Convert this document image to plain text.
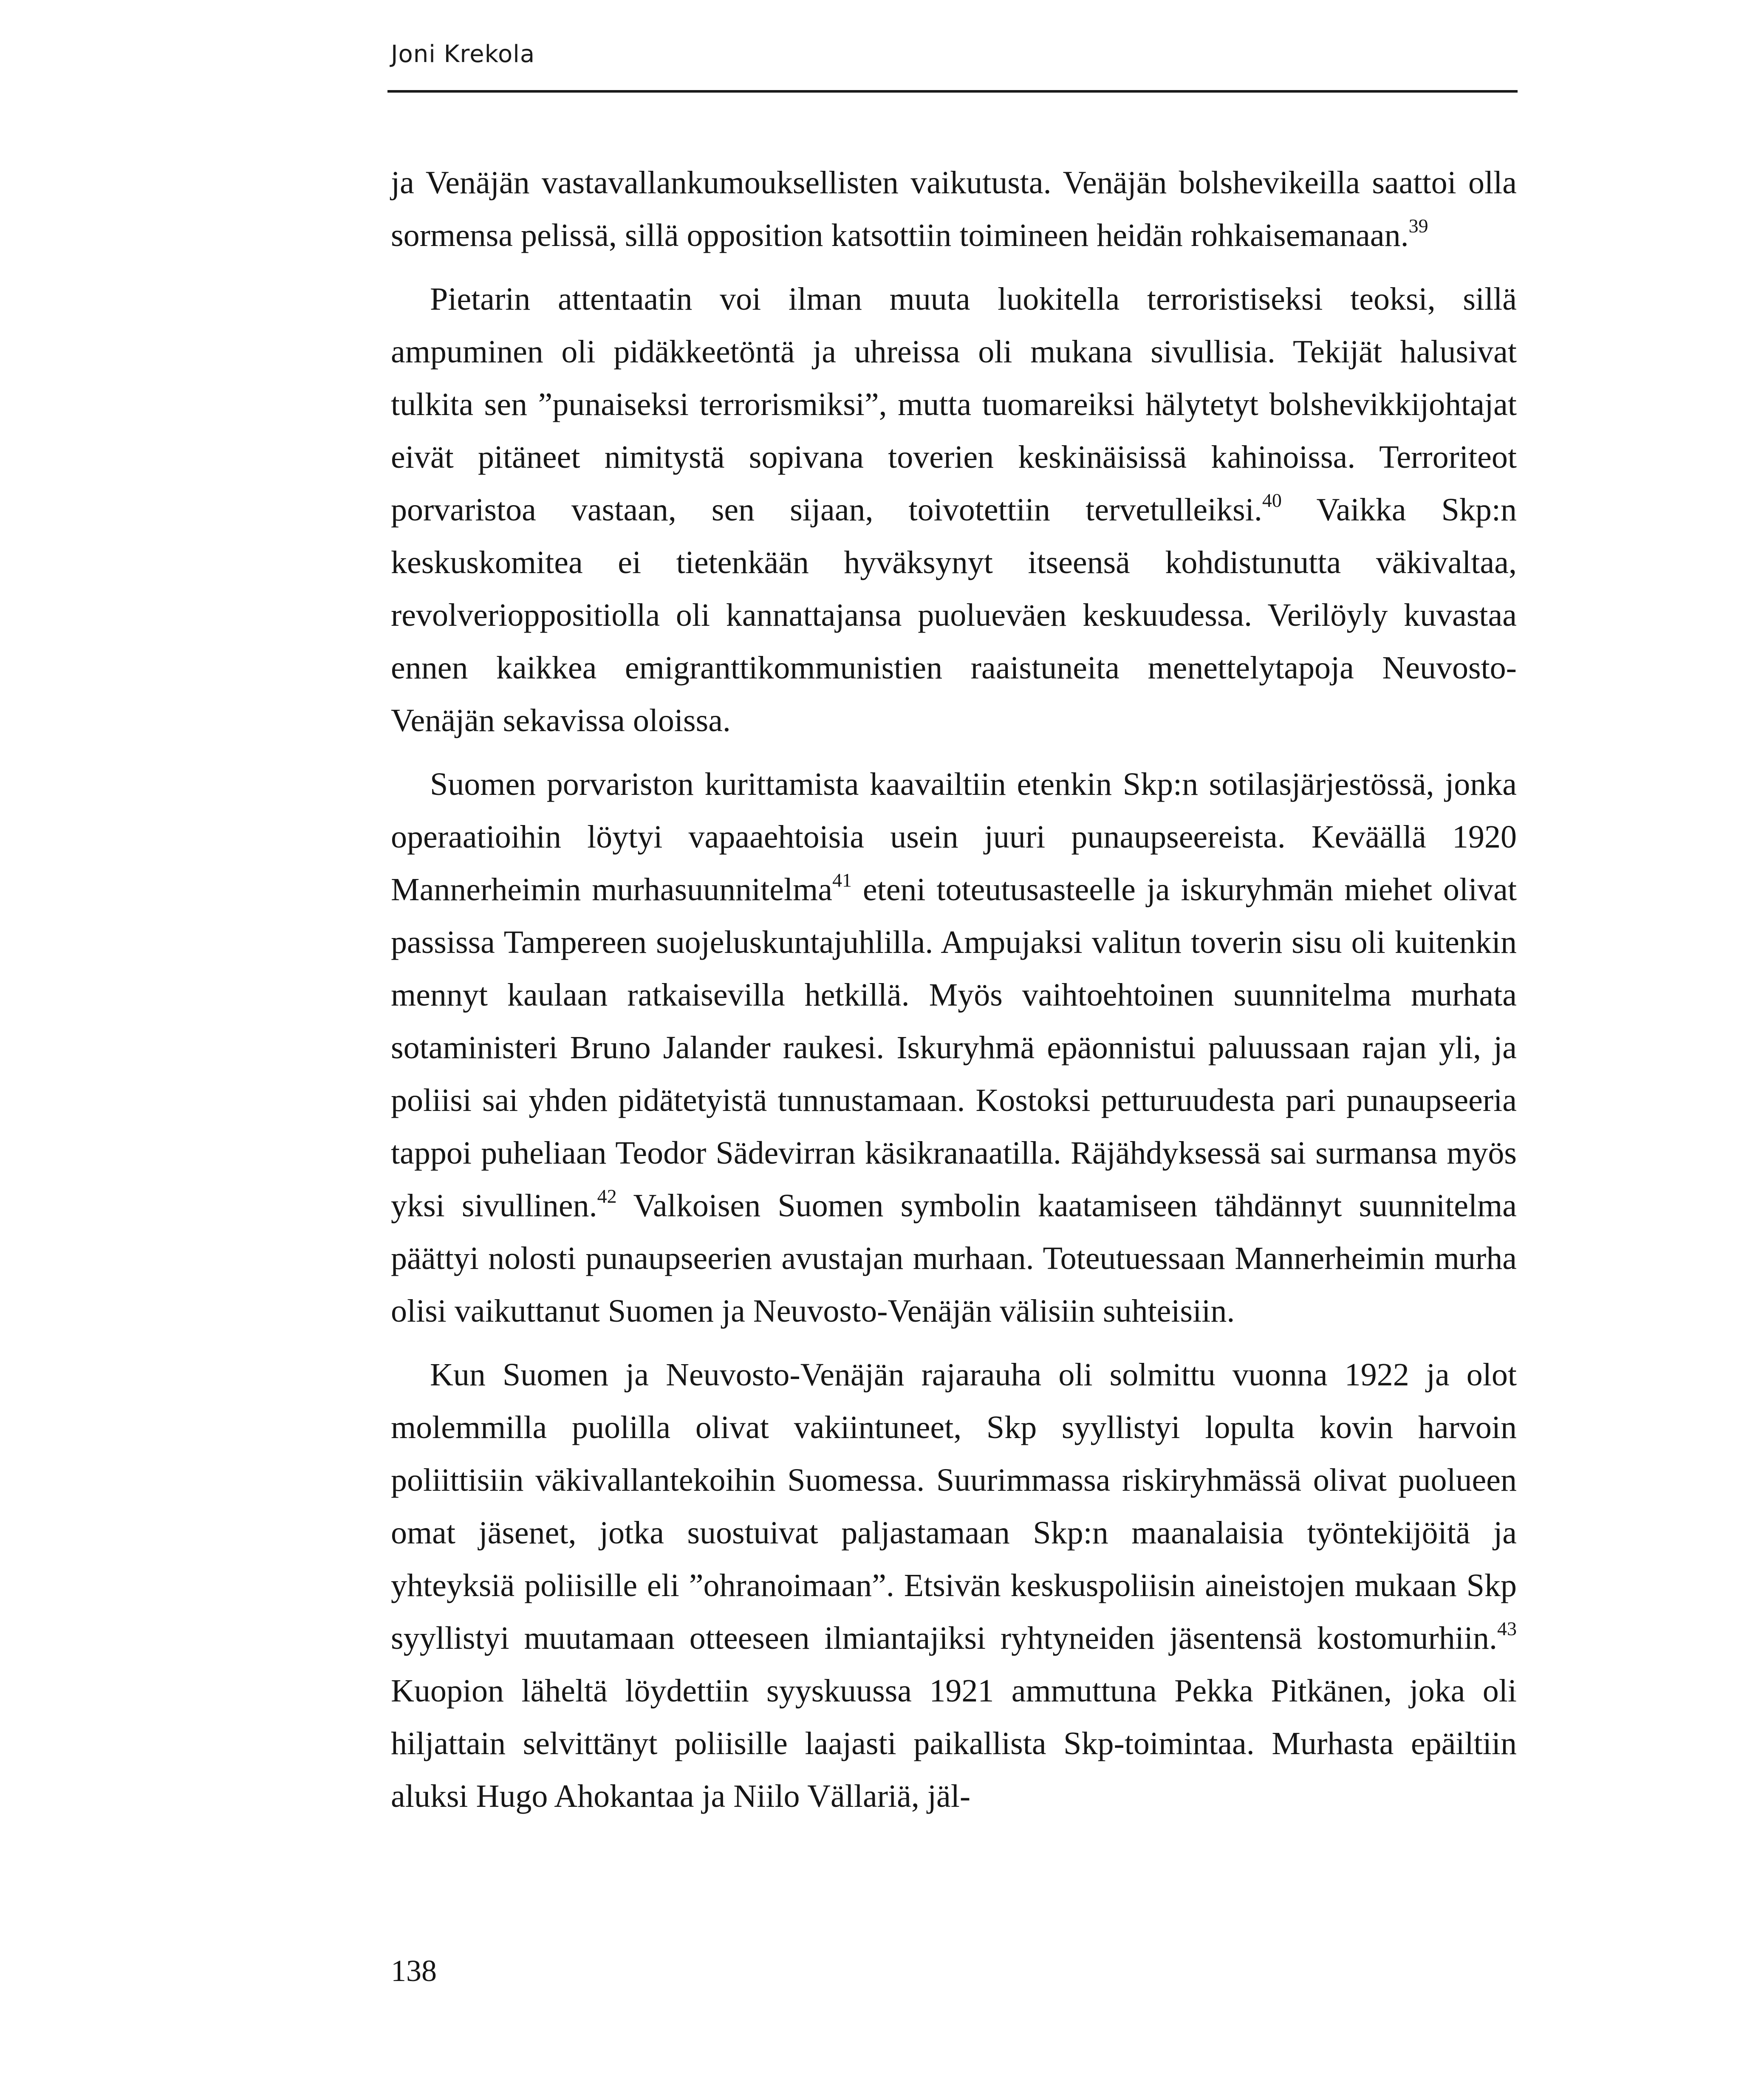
Joni Krekola

ja Venäjän vastavallankumouksellisten vaikutusta. Venäjän bolshevikeilla saattoi olla sormensa pelissä, sillä opposition katsottiin toimineen heidän rohkaisemanaan.$^{39}$

Pietarin attentaatin voi ilman muuta luokitella terroristiseksi teoksi, sillä ampuminen oli pidäkkeetöntä ja uhreissa oli mukana sivullisia. Tekijät halusivat tulkita sen ”punaiseksi terrorismiksi”, mutta tuomareiksi hälytetyt bolshevikkijohtajat eivät pitäneet nimitystä sopivana toverien keskinäisissä kahinoissa. Terroriteot porvaristoa vastaan, sen sijaan, toivotettiin tervetulleiksi.$^{40}$ Vaikka Skp:n keskuskomitea ei tietenkään hyväksynyt itseensä kohdistunutta väkivaltaa, revolverioppositiolla oli kannattajansa puolueväen keskuudessa. Verilöyly kuvastaa ennen kaikkea emigranttikommunistien raaistuneita menettelytapoja Neuvosto-Venäjän sekavissa oloissa.

Suomen porvariston kurittamista kaavailtiin etenkin Skp:n sotilasjärjestössä, jonka operaatioihin löytyi vapaaehtoisia usein juuri punaupseereista. Keväällä 1920 Mannerheimin murhasuunnitelma$^{41}$ eteni toteutusasteelle ja iskuryhmän miehet olivat passissa Tampereen suojeluskuntajuhlilla. Ampujaksi valitun toverin sisu oli kuitenkin mennyt kaulaan ratkaisevilla hetkillä. Myös vaihtoehtoinen suunnitelma murhata sotaministeri Bruno Jalander raukesi. Iskuryhmä epäonnistui paluussaan rajan yli, ja poliisi sai yhden pidätetyistä tunnustamaan. Kostoksi petturuudesta pari punaupseeria tappoi puheliaan Teodor Sädevirran käsikranaatilla. Räjähdyksessä sai surmansa myös yksi sivullinen.$^{42}$ Valkoisen Suomen symbolin kaatamiseen tähdännyt suunnitelma päättyi nolosti punaupseerien avustajan murhaan. Toteutuessaan Mannerheimin murha olisi vaikuttanut Suomen ja Neuvosto-Venäjän välisiin suhteisiin.

Kun Suomen ja Neuvosto-Venäjän rajarauha oli solmittu vuonna 1922 ja olot molemmilla puolilla olivat vakiintuneet, Skp syyllistyi lopulta kovin harvoin poliittisiin väkivallantekoihin Suomessa. Suurimmassa riskiryhmässä olivat puolueen omat jäsenet, jotka suostuivat paljastamaan Skp:n maanalaisia työntekijöitä ja yhteyksiä poliisille eli ”ohranoimaan”. Etsivän keskuspoliisin aineistojen mukaan Skp syyllistyi muutamaan otteeseen ilmiantajiksi ryhtyneiden jäsentensä kostomurhiin.$^{43}$ Kuopion läheltä löydettiin syyskuussa 1921 ammuttuna Pekka Pitkänen, joka oli hiljattain selvittänyt poliisille laajasti paikallista Skp-toimintaa. Murhasta epäiltiin aluksi Hugo Ahokantaa ja Niilo Vällariä, jäl-

138
